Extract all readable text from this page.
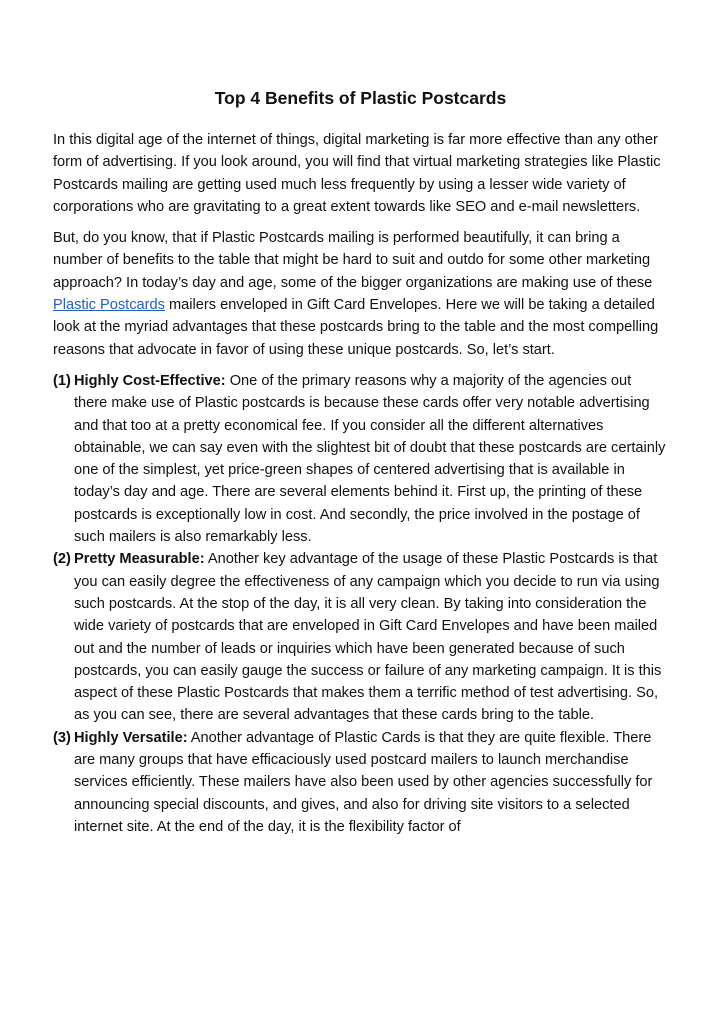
Top 4 Benefits of Plastic Postcards

In this digital age of the internet of things, digital marketing is far more effective than any other form of advertising. If you look around, you will find that virtual marketing strategies like Plastic Postcards mailing are getting used much less frequently by using a lesser wide variety of corporations who are gravitating to a great extent towards like SEO and e-mail newsletters.

But, do you know, that if Plastic Postcards mailing is performed beautifully, it can bring a number of benefits to the table that might be hard to suit and outdo for some other marketing approach? In today’s day and age, some of the bigger organizations are making use of these Plastic Postcards mailers enveloped in Gift Card Envelopes. Here we will be taking a detailed look at the myriad advantages that these postcards bring to the table and the most compelling reasons that advocate in favor of using these unique postcards. So, let’s start.

(1) Highly Cost-Effective: One of the primary reasons why a majority of the agencies out there make use of Plastic postcards is because these cards offer very notable advertising and that too at a pretty economical fee. If you consider all the different alternatives obtainable, we can say even with the slightest bit of doubt that these postcards are certainly one of the simplest, yet price-green shapes of centered advertising that is available in today’s day and age. There are several elements behind it. First up, the printing of these postcards is exceptionally low in cost. And secondly, the price involved in the postage of such mailers is also remarkably less.
(2) Pretty Measurable: Another key advantage of the usage of these Plastic Postcards is that you can easily degree the effectiveness of any campaign which you decide to run via using such postcards. At the stop of the day, it is all very clean. By taking into consideration the wide variety of postcards that are enveloped in Gift Card Envelopes and have been mailed out and the number of leads or inquiries which have been generated because of such postcards, you can easily gauge the success or failure of any marketing campaign. It is this aspect of these Plastic Postcards that makes them a terrific method of test advertising. So, as you can see, there are several advantages that these cards bring to the table.
(3) Highly Versatile: Another advantage of Plastic Cards is that they are quite flexible. There are many groups that have efficaciously used postcard mailers to launch merchandise services efficiently. These mailers have also been used by other agencies successfully for announcing special discounts, and gives, and also for driving site visitors to a selected internet site. At the end of the day, it is the flexibility factor of
